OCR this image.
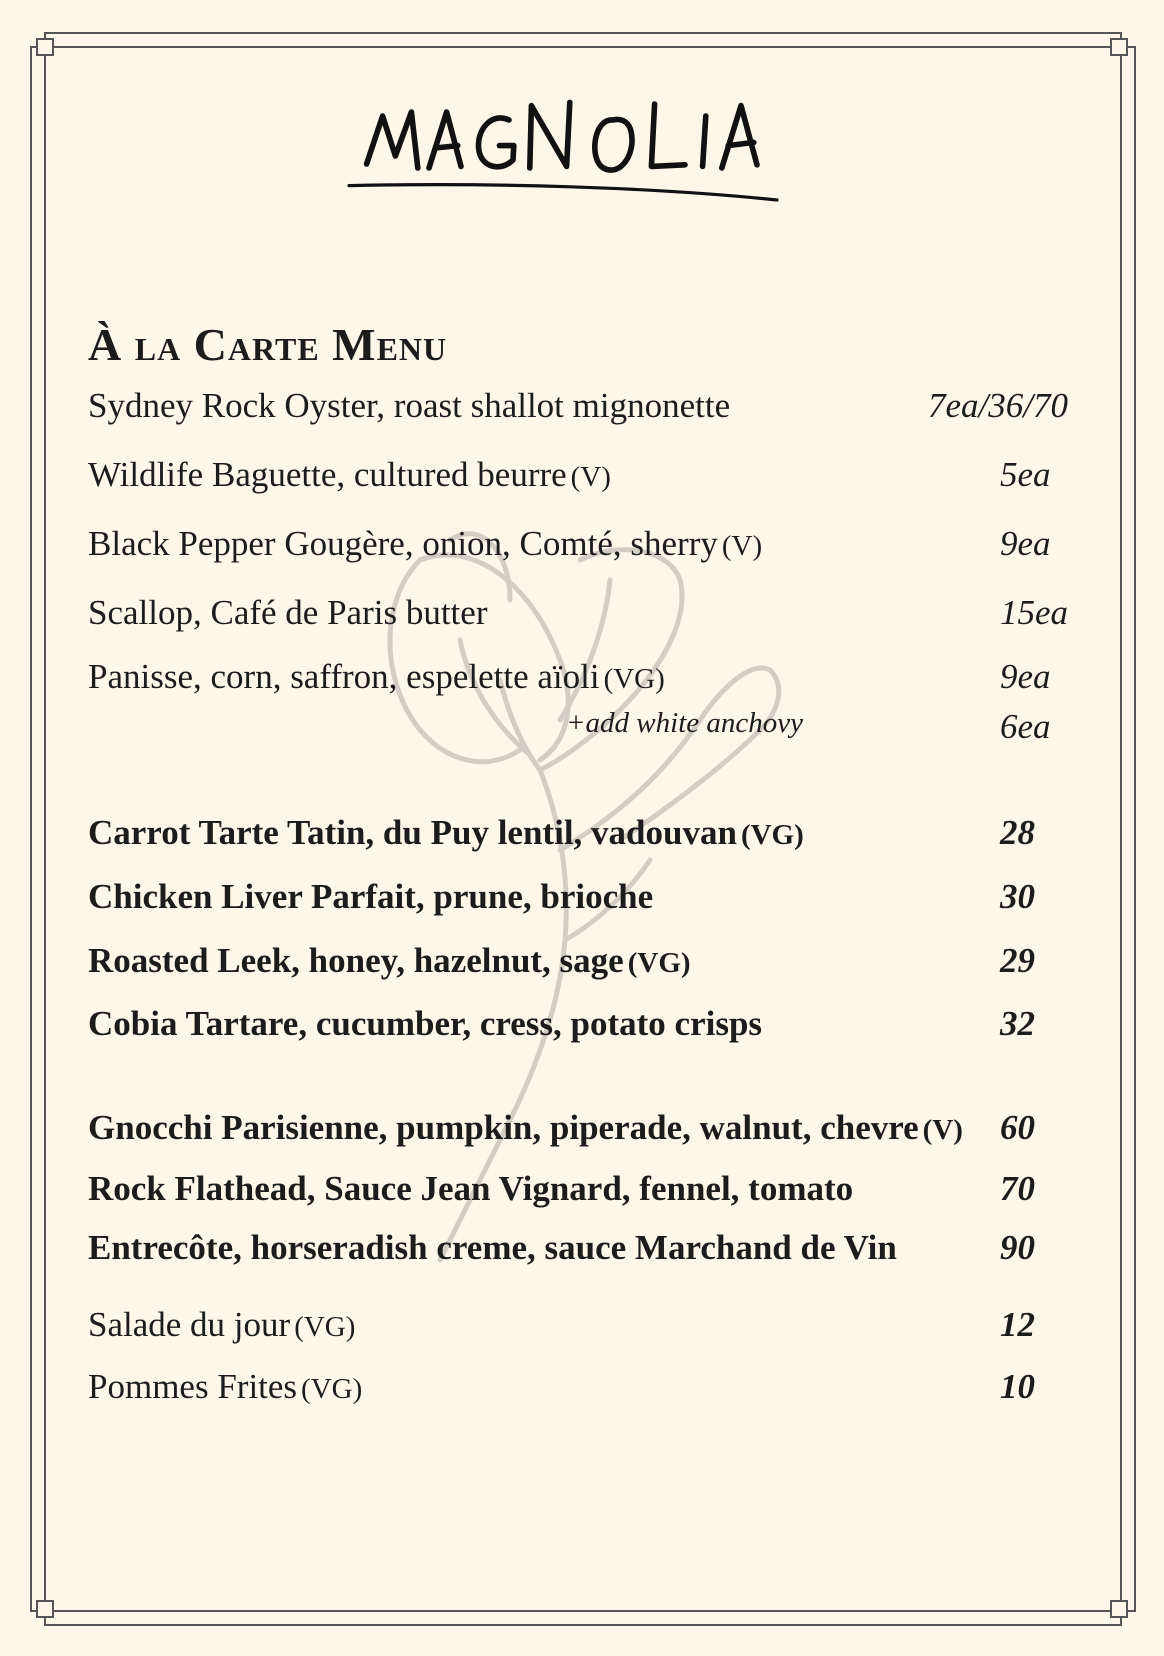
À la Carte Menu
Sydney Rock Oyster, roast shallot mignonette	7ea/36/70
Wildlife Baguette, cultured beurre (V)	5ea
Black Pepper Gougère, onion, Comté, sherry (V)	9ea
Scallop, Café de Paris butter	15ea
Panisse, corn, saffron, espelette aïoli (VG)	9ea
+add white anchovy	6ea
Carrot Tarte Tatin, du Puy lentil, vadouvan (VG)	28
Chicken Liver Parfait, prune, brioche	30
Roasted Leek, honey, hazelnut, sage (VG)	29
Cobia Tartare, cucumber, cress, potato crisps	32
Gnocchi Parisienne, pumpkin, piperade, walnut, chevre (V) 60
Rock Flathead, Sauce Jean Vignard, fennel, tomato	70
Entrecôte, horseradish creme, sauce Marchand de Vin	90
Salade du jour (VG)	12
Pommes Frites (VG)	10
